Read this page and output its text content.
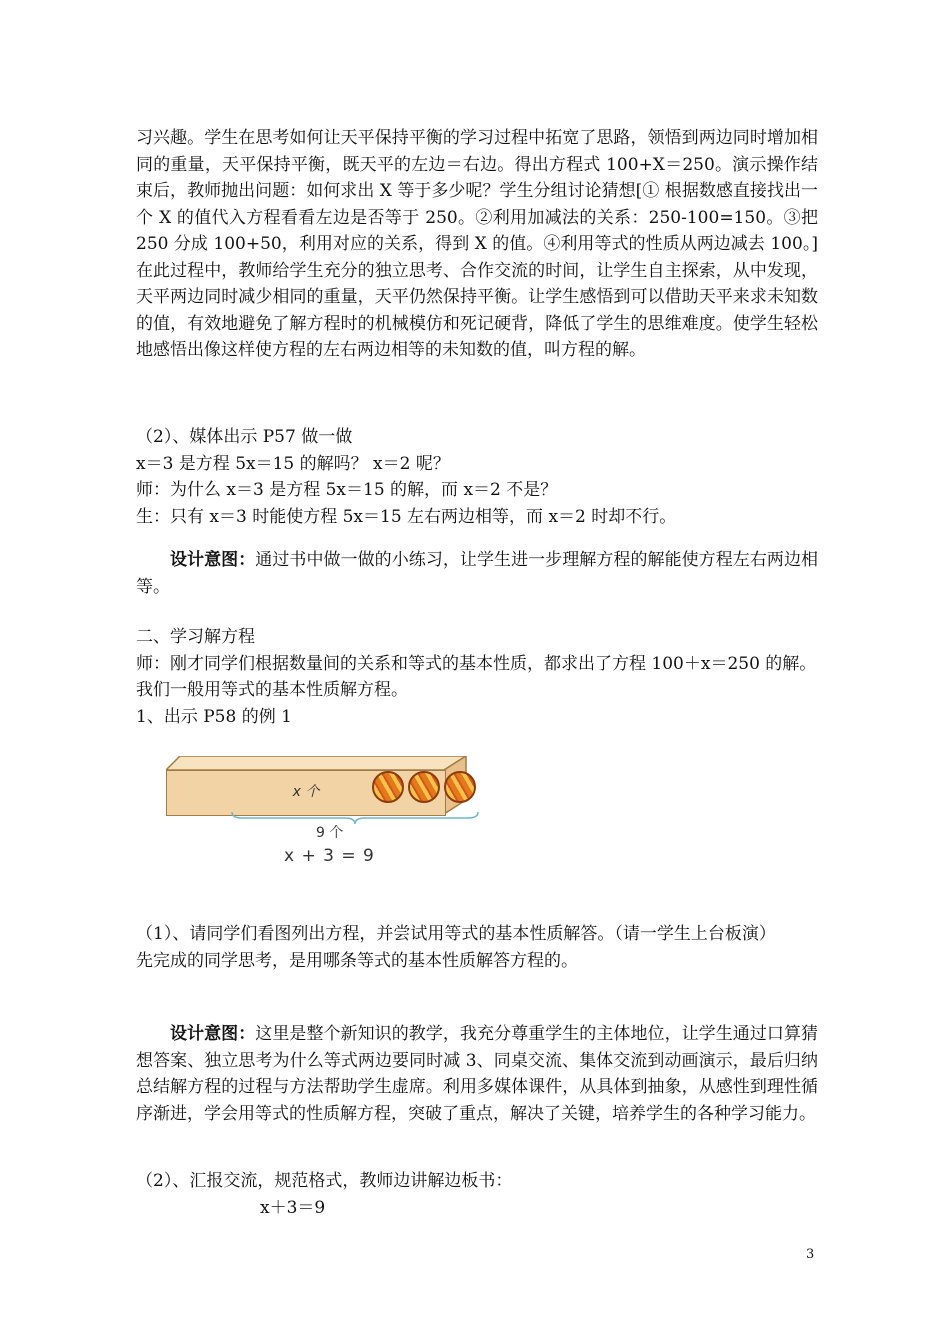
习兴趣。学生在思考如何让天平保持平衡的学习过程中拓宽了思路，领悟到两边同时增加相同的重量，天平保持平衡，既天平的左边＝右边。得出方程式 100+X＝250。演示操作结束后，教师抛出问题：如何求出 X 等于多少呢？学生分组讨论猜想[① 根据数感直接找出一个 X 的值代入方程看看左边是否等于 250。②利用加减法的关系：250-100=150。③把 250 分成 100+50，利用对应的关系，得到 X 的值。④利用等式的性质从两边减去 100。]在此过程中，教师给学生充分的独立思考、合作交流的时间，让学生自主探索，从中发现，天平两边同时减少相同的重量，天平仍然保持平衡。让学生感悟到可以借助天平来求未知数的值，有效地避免了解方程时的机械模仿和死记硬背，降低了学生的思维难度。使学生轻松地感悟出像这样使方程的左右两边相等的未知数的值，叫方程的解。
（2）、媒体出示 P57 做一做
x＝3 是方程 5x＝15 的解吗？ x＝2 呢？
师：为什么 x＝3 是方程 5x＝15 的解，而 x＝2 不是？
生：只有 x＝3 时能使方程 5x＝15 左右两边相等，而 x＝2 时却不行。
设计意图：通过书中做一做的小练习，让学生进一步理解方程的解能使方程左右两边相等。
二、学习解方程
师：刚才同学们根据数量间的关系和等式的基本性质，都求出了方程 100＋x＝250 的解。
我们一般用等式的基本性质解方程。
1、出示 P58 的例 1
x 个
9 个
x + 3 = 9
（1）、请同学们看图列出方程，并尝试用等式的基本性质解答。（请一学生上台板演）
先完成的同学思考，是用哪条等式的基本性质解答方程的。
设计意图：这里是整个新知识的教学，我充分尊重学生的主体地位，让学生通过口算猜想答案、独立思考为什么等式两边要同时减 3、同桌交流、集体交流到动画演示，最后归纳总结解方程的过程与方法帮助学生虚席。利用多媒体课件，从具体到抽象，从感性到理性循序渐进，学会用等式的性质解方程，突破了重点，解决了关键，培养学生的各种学习能力。
（2）、汇报交流，规范格式，教师边讲解边板书：
x＋3＝9
3
